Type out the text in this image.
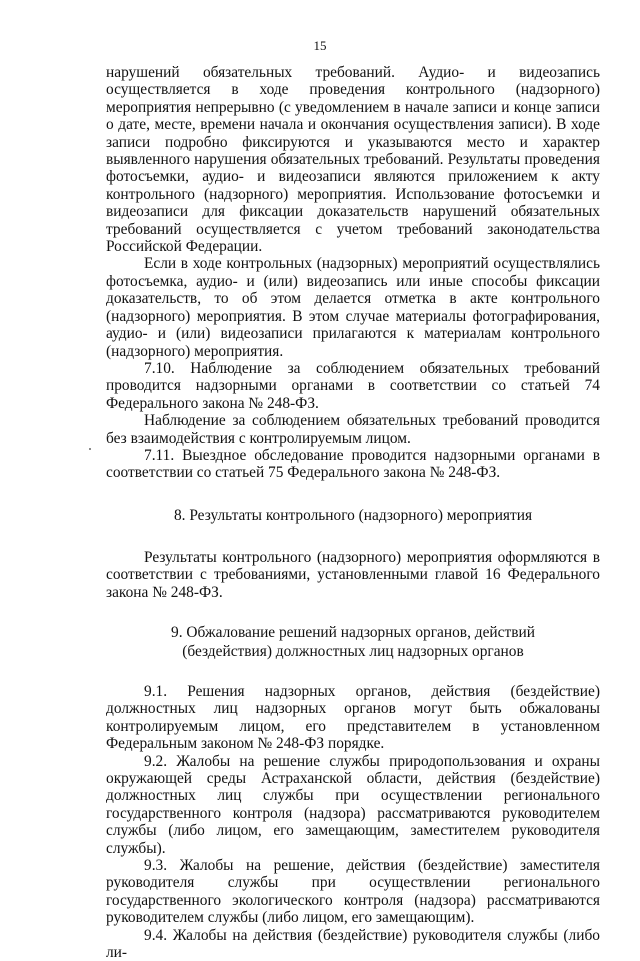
15

нарушений обязательных требований. Аудио- и видеозапись осуществляется в ходе проведения контрольного (надзорного) мероприятия непрерывно (с уведомлением в начале записи и конце записи о дате, месте, времени начала и окончания осуществления записи). В ходе записи подробно фиксируются и указываются место и характер выявленного нарушения обязательных требований. Результаты проведения фотосъемки, аудио- и видеозаписи являются приложением к акту контрольного (надзорного) мероприятия. Использование фотосъемки и видеозаписи для фиксации доказательств нарушений обязательных требований осуществляется с учетом требований законодательства Российской Федерации.

Если в ходе контрольных (надзорных) мероприятий осуществлялись фотосъемка, аудио- и (или) видеозапись или иные способы фиксации доказательств, то об этом делается отметка в акте контрольного (надзорного) мероприятия. В этом случае материалы фотографирования, аудио- и (или) видеозаписи прилагаются к материалам контрольного (надзорного) мероприятия.

7.10. Наблюдение за соблюдением обязательных требований проводится надзорными органами в соответствии со статьей 74 Федерального закона № 248-ФЗ.

Наблюдение за соблюдением обязательных требований проводится без взаимодействия с контролируемым лицом.

7.11. Выездное обследование проводится надзорными органами в соответствии со статьей 75 Федерального закона № 248-ФЗ.

8. Результаты контрольного (надзорного) мероприятия

Результаты контрольного (надзорного) мероприятия оформляются в соответствии с требованиями, установленными главой 16 Федерального закона № 248-ФЗ.

9. Обжалование решений надзорных органов, действий

(бездействия) должностных лиц надзорных органов

9.1. Решения надзорных органов, действия (бездействие) должностных лиц надзорных органов могут быть обжалованы контролируемым лицом, его представителем в установленном Федеральным законом № 248-ФЗ порядке.

9.2. Жалобы на решение службы природопользования и охраны окружающей среды Астраханской области, действия (бездействие) должностных лиц службы при осуществлении регионального государственного контроля (надзора) рассматриваются руководителем службы (либо лицом, его замещающим, заместителем руководителя службы).

9.3. Жалобы на решение, действия (бездействие) заместителя руководителя службы при осуществлении регионального государственного экологического контроля (надзора) рассматриваются руководителем службы (либо лицом, его замещающим).

9.4. Жалобы на действия (бездействие) руководителя службы (либо ли-
